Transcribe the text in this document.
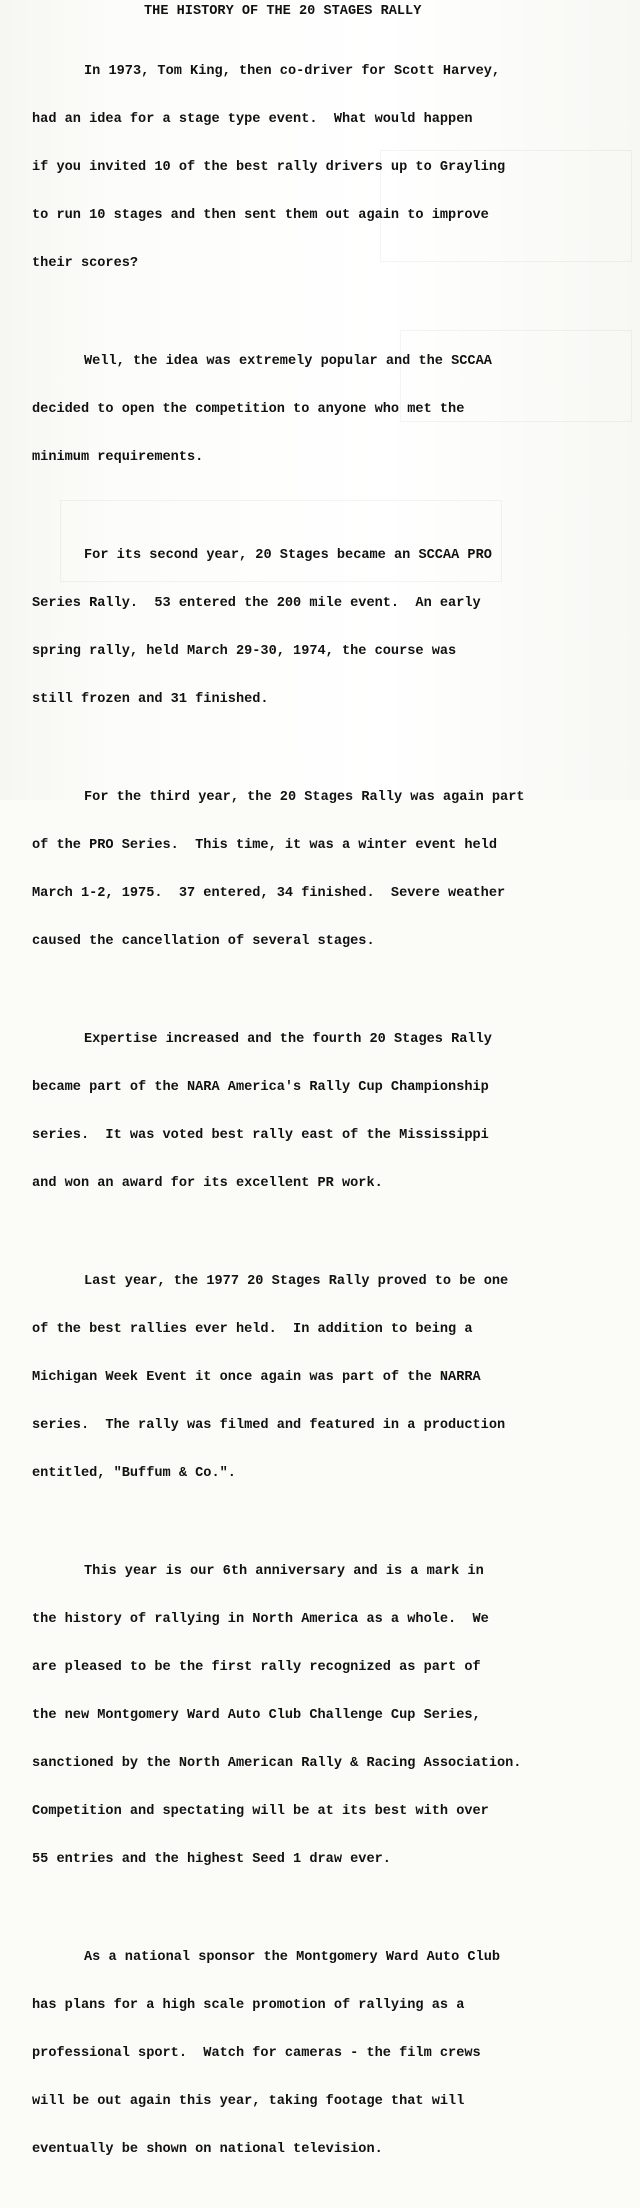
THE HISTORY OF THE 20 STAGES RALLY

In 1973, Tom King, then co-driver for Scott Harvey,

had an idea for a stage type event.  What would happen

if you invited 10 of the best rally drivers up to Grayling

to run 10 stages and then sent them out again to improve

their scores?

Well, the idea was extremely popular and the SCCAA

decided to open the competition to anyone who met the

minimum requirements.

For its second year, 20 Stages became an SCCAA PRO

Series Rally.  53 entered the 200 mile event.  An early

spring rally, held March 29-30, 1974, the course was

still frozen and 31 finished.

For the third year, the 20 Stages Rally was again part

of the PRO Series.  This time, it was a winter event held

March 1-2, 1975.  37 entered, 34 finished.  Severe weather

caused the cancellation of several stages.

Expertise increased and the fourth 20 Stages Rally

became part of the NARA America's Rally Cup Championship

series.  It was voted best rally east of the Mississippi

and won an award for its excellent PR work.

Last year, the 1977 20 Stages Rally proved to be one

of the best rallies ever held.  In addition to being a

Michigan Week Event it once again was part of the NARRA

series.  The rally was filmed and featured in a production

entitled, "Buffum & Co.".

This year is our 6th anniversary and is a mark in

the history of rallying in North America as a whole.  We

are pleased to be the first rally recognized as part of

the new Montgomery Ward Auto Club Challenge Cup Series,

sanctioned by the North American Rally & Racing Association.

Competition and spectating will be at its best with over

55 entries and the highest Seed 1 draw ever.

As a national sponsor the Montgomery Ward Auto Club

has plans for a high scale promotion of rallying as a

professional sport.  Watch for cameras - the film crews

will be out again this year, taking footage that will

eventually be shown on national television.
